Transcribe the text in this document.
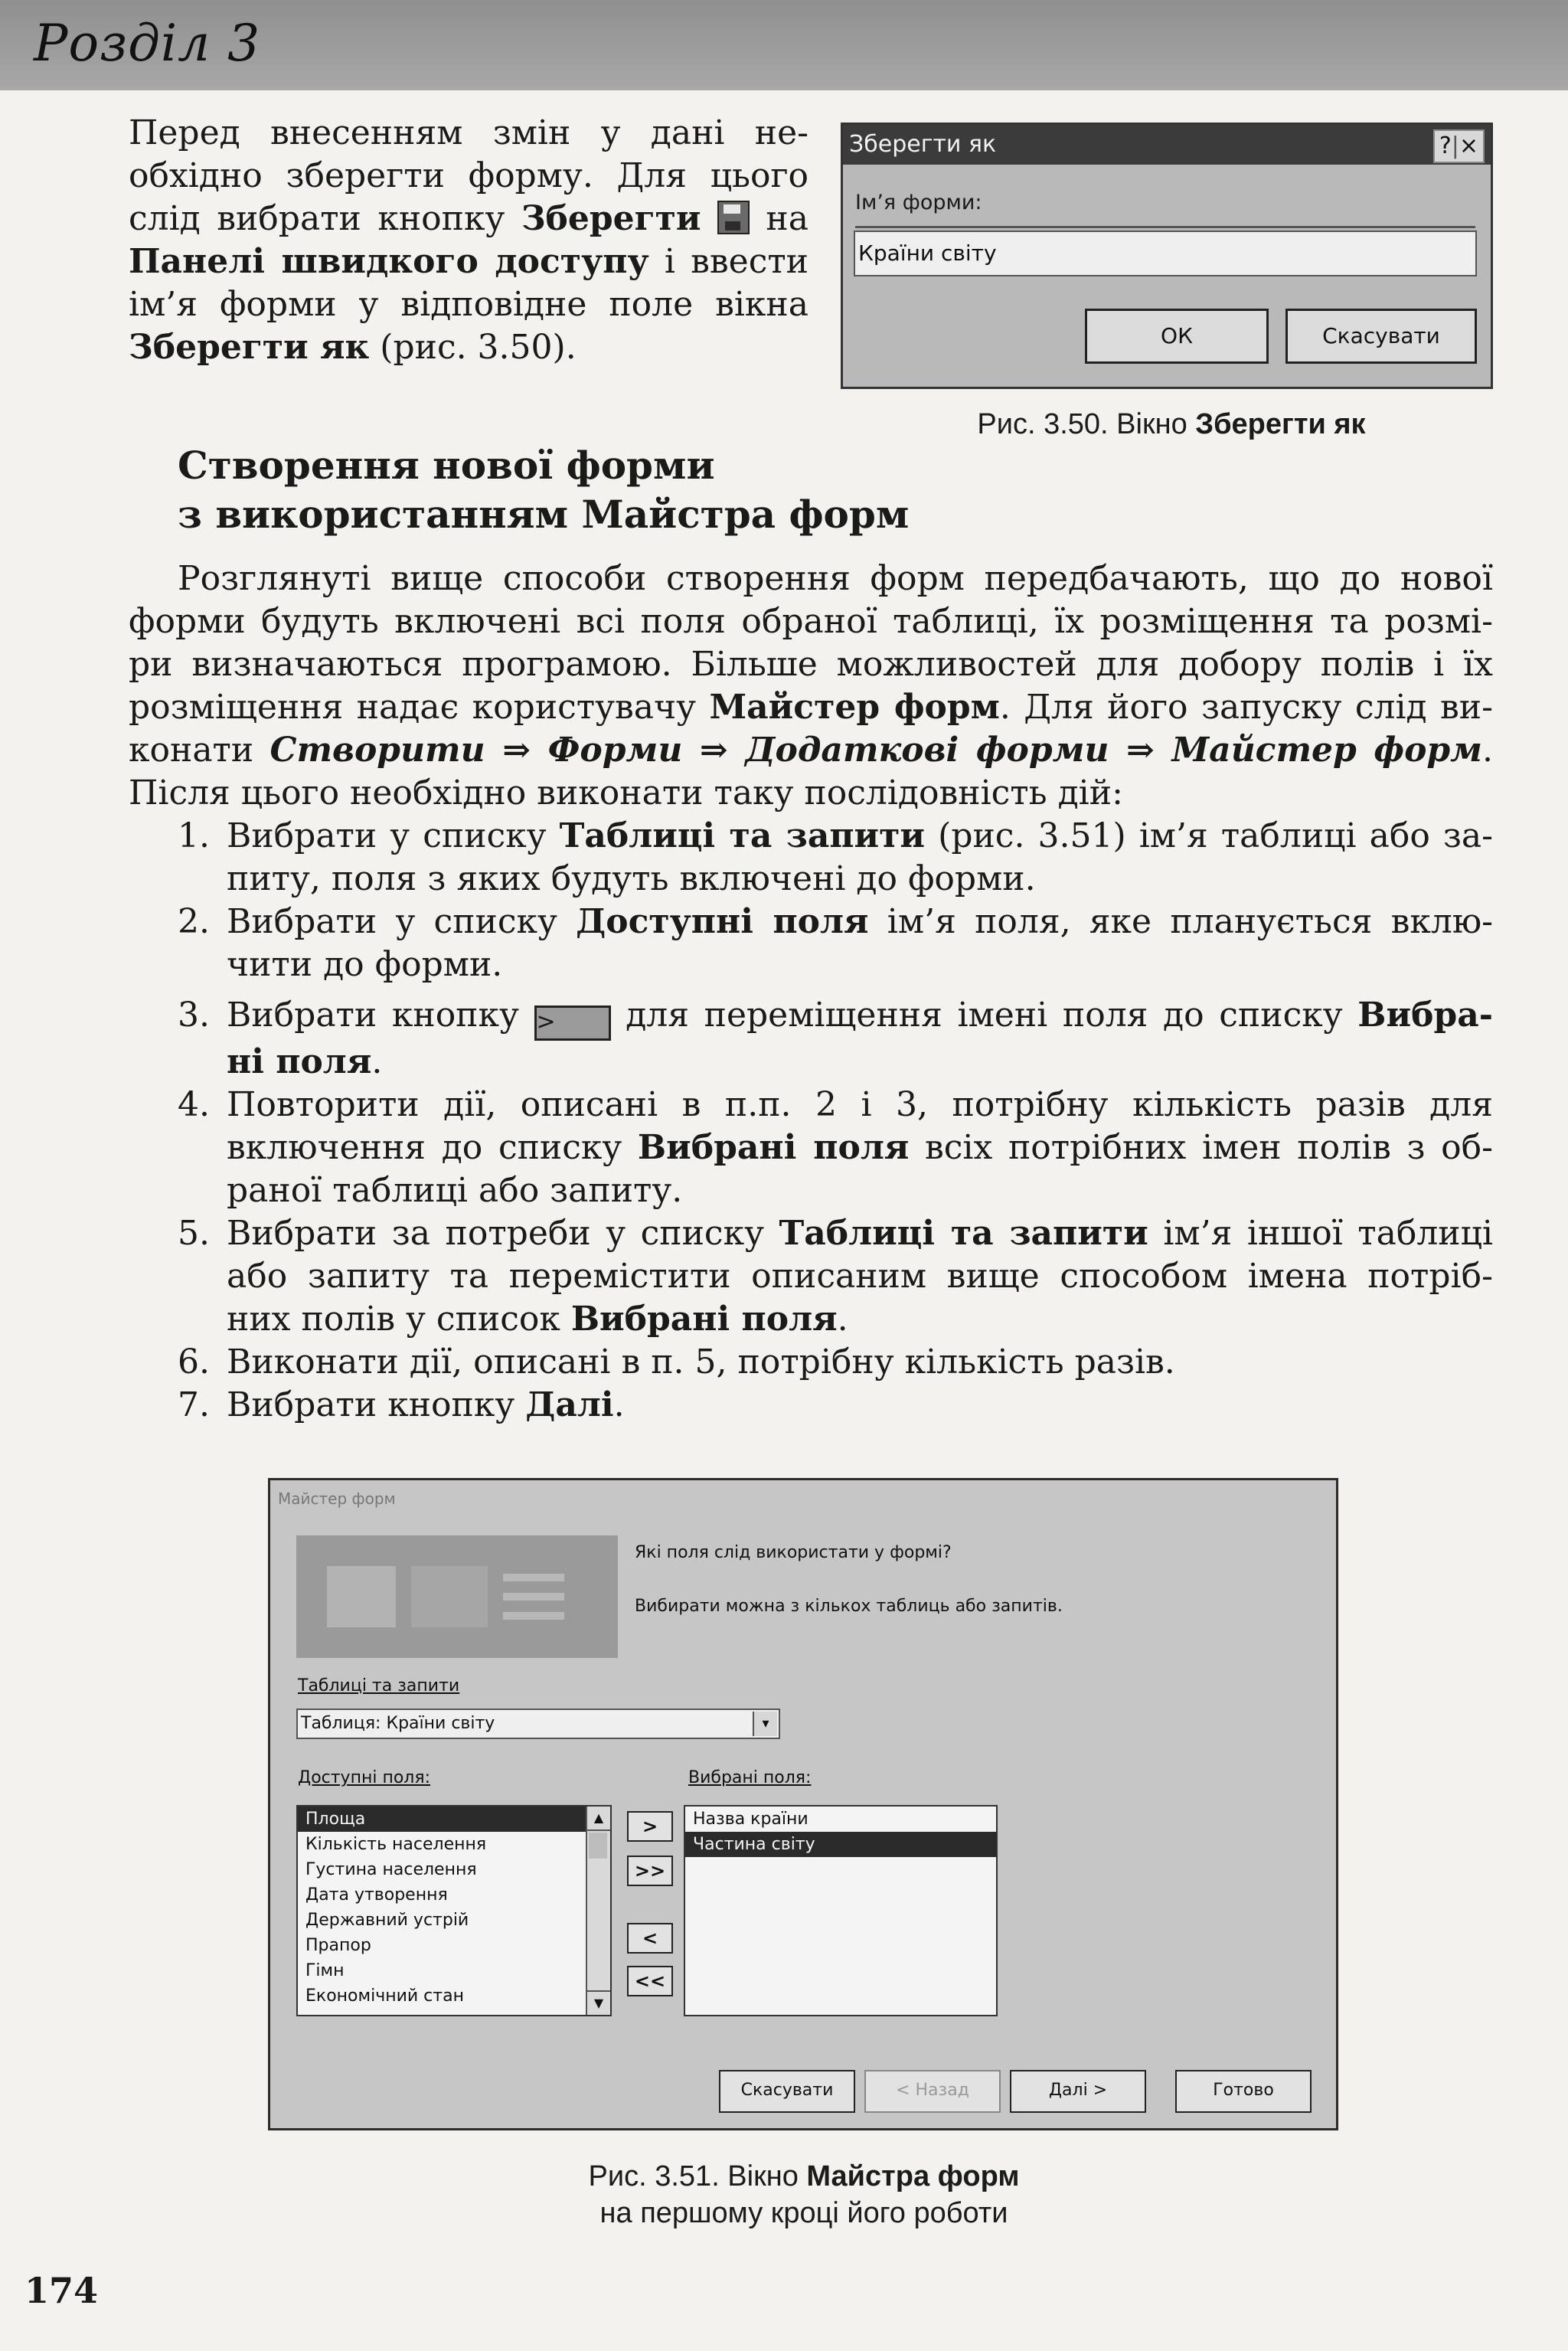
Розділ 3
Перед внесенням змін у дані не-
обхідно зберегти форму. Для цього
слід вибрати кнопку Зберегти на
Панелі швидкого доступу і ввести
ім’я форми у відповідне поле вікна
Зберегти як (рис. 3.50).
Зберегти як	?|×
Ім’я форми:
Країни світу
ОК	Скасувати
Рис. 3.50. Вікно Зберегти як
Створення нової форми
з використанням Майстра форм
Розглянуті вище способи створення форм передбачають, що до нової
форми будуть включені всі поля обраної таблиці, їх розміщення та розмі-
ри визначаються програмою. Більше можливостей для добору полів і їх
розміщення надає користувачу Майстер форм. Для його запуску слід ви-
конати Створити ⇒ Форми ⇒ Додаткові форми ⇒ Майстер форм.
Після цього необхідно виконати таку послідовність дій:
1. Вибрати у списку Таблиці та запити (рис. 3.51) ім’я таблиці або за-
питу, поля з яких будуть включені до форми.
2. Вибрати у списку Доступні поля ім’я поля, яке планується вклю-
чити до форми.
3. Вибрати кнопку > для переміщення імені поля до списку Вибра-
ні поля.
4. Повторити дії, описані в п.п. 2 і 3, потрібну кількість разів для
включення до списку Вибрані поля всіх потрібних імен полів з об-
раної таблиці або запиту.
5. Вибрати за потреби у списку Таблиці та запити ім’я іншої таблиці
або запиту та перемістити описаним вище способом імена потріб-
них полів у список Вибрані поля.
6. Виконати дії, описані в п. 5, потрібну кількість разів.
7. Вибрати кнопку Далі.
Майстер форм
Які поля слід використати у формі?
Вибирати можна з кількох таблиць або запитів.
Таблиці та запити
Таблиця: Країни світу	▾
Доступні поля:	Вибрані поля:
Площа
Кількість населення
Густина населення
Дата утворення
Державний устрій
Прапор
Гімн
Економічний стан
▲
▼
>
>>
<
<<
Назва країни
Частина світу
Скасувати	< Назад	Далі >	Готово
Рис. 3.51. Вікно Майстра форм
на першому кроці його роботи
174
